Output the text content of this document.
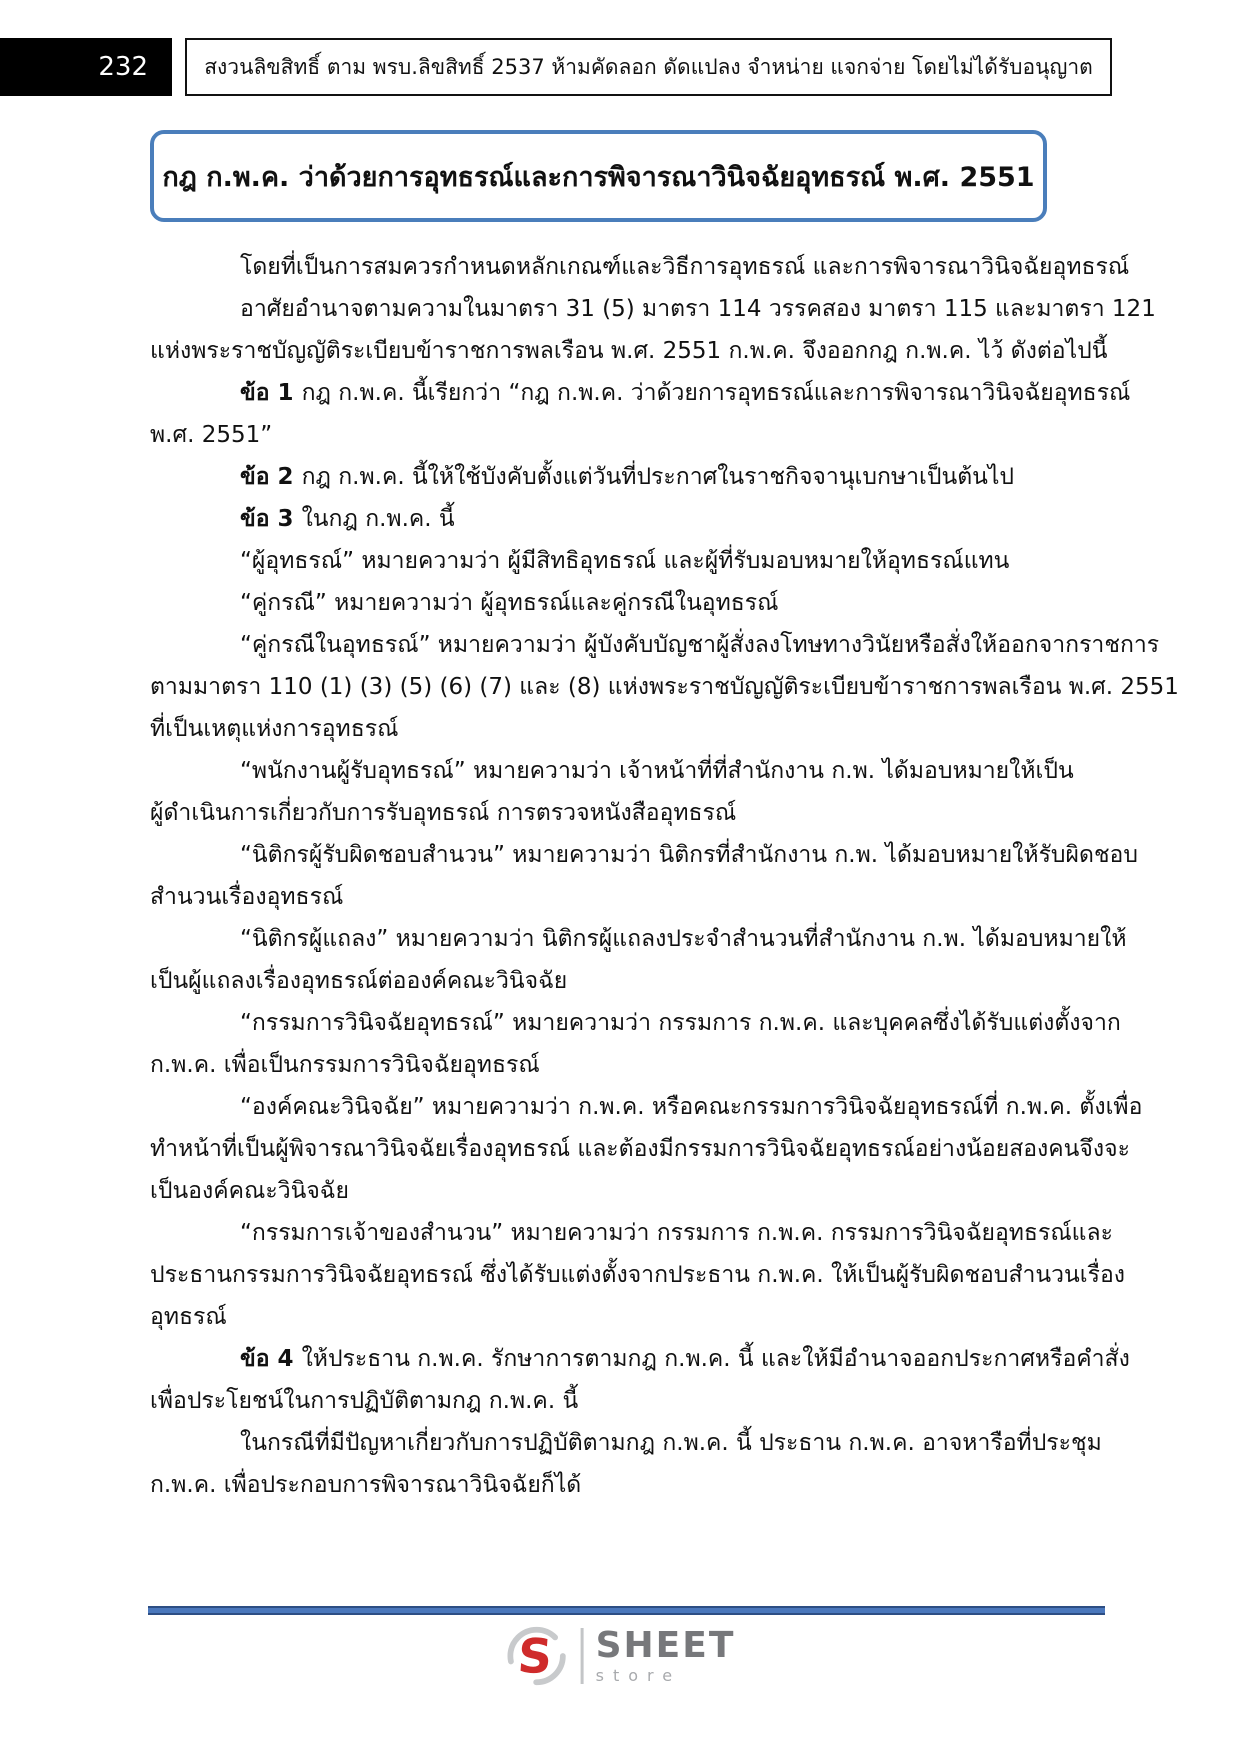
232	สงวนลิขสิทธิ์ ตาม พรบ.ลิขสิทธิ์ 2537 ห้ามคัดลอก ดัดแปลง จำหน่าย แจกจ่าย โดยไม่ได้รับอนุญาต
กฎ ก.พ.ค. ว่าด้วยการอุทธรณ์และการพิจารณาวินิจฉัยอุทธรณ์ พ.ศ. 2551
โดยที่เป็นการสมควรกำหนดหลักเกณฑ์และวิธีการอุทธรณ์ และการพิจารณาวินิจฉัยอุทธรณ์
อาศัยอำนาจตามความในมาตรา 31 (5) มาตรา 114 วรรคสอง มาตรา 115 และมาตรา 121
แห่งพระราชบัญญัติระเบียบข้าราชการพลเรือน พ.ศ. 2551 ก.พ.ค. จึงออกกฎ ก.พ.ค. ไว้ ดังต่อไปนี้
ข้อ 1 กฎ ก.พ.ค. นี้เรียกว่า “กฎ ก.พ.ค. ว่าด้วยการอุทธรณ์และการพิจารณาวินิจฉัยอุทธรณ์
พ.ศ. 2551”
ข้อ 2 กฎ ก.พ.ค. นี้ให้ใช้บังคับตั้งแต่วันที่ประกาศในราชกิจจานุเบกษาเป็นต้นไป
ข้อ 3 ในกฎ ก.พ.ค. นี้
“ผู้อุทธรณ์” หมายความว่า ผู้มีสิทธิอุทธรณ์ และผู้ที่รับมอบหมายให้อุทธรณ์แทน
“คู่กรณี” หมายความว่า ผู้อุทธรณ์และคู่กรณีในอุทธรณ์
“คู่กรณีในอุทธรณ์” หมายความว่า ผู้บังคับบัญชาผู้สั่งลงโทษทางวินัยหรือสั่งให้ออกจากราชการ
ตามมาตรา 110 (1) (3) (5) (6) (7) และ (8) แห่งพระราชบัญญัติระเบียบข้าราชการพลเรือน พ.ศ. 2551
ที่เป็นเหตุแห่งการอุทธรณ์
“พนักงานผู้รับอุทธรณ์” หมายความว่า เจ้าหน้าที่ที่สำนักงาน ก.พ. ได้มอบหมายให้เป็น
ผู้ดำเนินการเกี่ยวกับการรับอุทธรณ์ การตรวจหนังสืออุทธรณ์
“นิติกรผู้รับผิดชอบสำนวน” หมายความว่า นิติกรที่สำนักงาน ก.พ. ได้มอบหมายให้รับผิดชอบ
สำนวนเรื่องอุทธรณ์
“นิติกรผู้แถลง” หมายความว่า นิติกรผู้แถลงประจำสำนวนที่สำนักงาน ก.พ. ได้มอบหมายให้
เป็นผู้แถลงเรื่องอุทธรณ์ต่อองค์คณะวินิจฉัย
“กรรมการวินิจฉัยอุทธรณ์” หมายความว่า กรรมการ ก.พ.ค. และบุคคลซึ่งได้รับแต่งตั้งจาก
ก.พ.ค. เพื่อเป็นกรรมการวินิจฉัยอุทธรณ์
“องค์คณะวินิจฉัย” หมายความว่า ก.พ.ค. หรือคณะกรรมการวินิจฉัยอุทธรณ์ที่ ก.พ.ค. ตั้งเพื่อ
ทำหน้าที่เป็นผู้พิจารณาวินิจฉัยเรื่องอุทธรณ์ และต้องมีกรรมการวินิจฉัยอุทธรณ์อย่างน้อยสองคนจึงจะ
เป็นองค์คณะวินิจฉัย
“กรรมการเจ้าของสำนวน” หมายความว่า กรรมการ ก.พ.ค. กรรมการวินิจฉัยอุทธรณ์และ
ประธานกรรมการวินิจฉัยอุทธรณ์ ซึ่งได้รับแต่งตั้งจากประธาน ก.พ.ค. ให้เป็นผู้รับผิดชอบสำนวนเรื่อง
อุทธรณ์
ข้อ 4 ให้ประธาน ก.พ.ค. รักษาการตามกฎ ก.พ.ค. นี้ และให้มีอำนาจออกประกาศหรือคำสั่ง
เพื่อประโยชน์ในการปฏิบัติตามกฎ ก.พ.ค. นี้
ในกรณีที่มีปัญหาเกี่ยวกับการปฏิบัติตามกฎ ก.พ.ค. นี้ ประธาน ก.พ.ค. อาจหารือที่ประชุม
ก.พ.ค. เพื่อประกอบการพิจารณาวินิจฉัยก็ได้
S SHEET
store
